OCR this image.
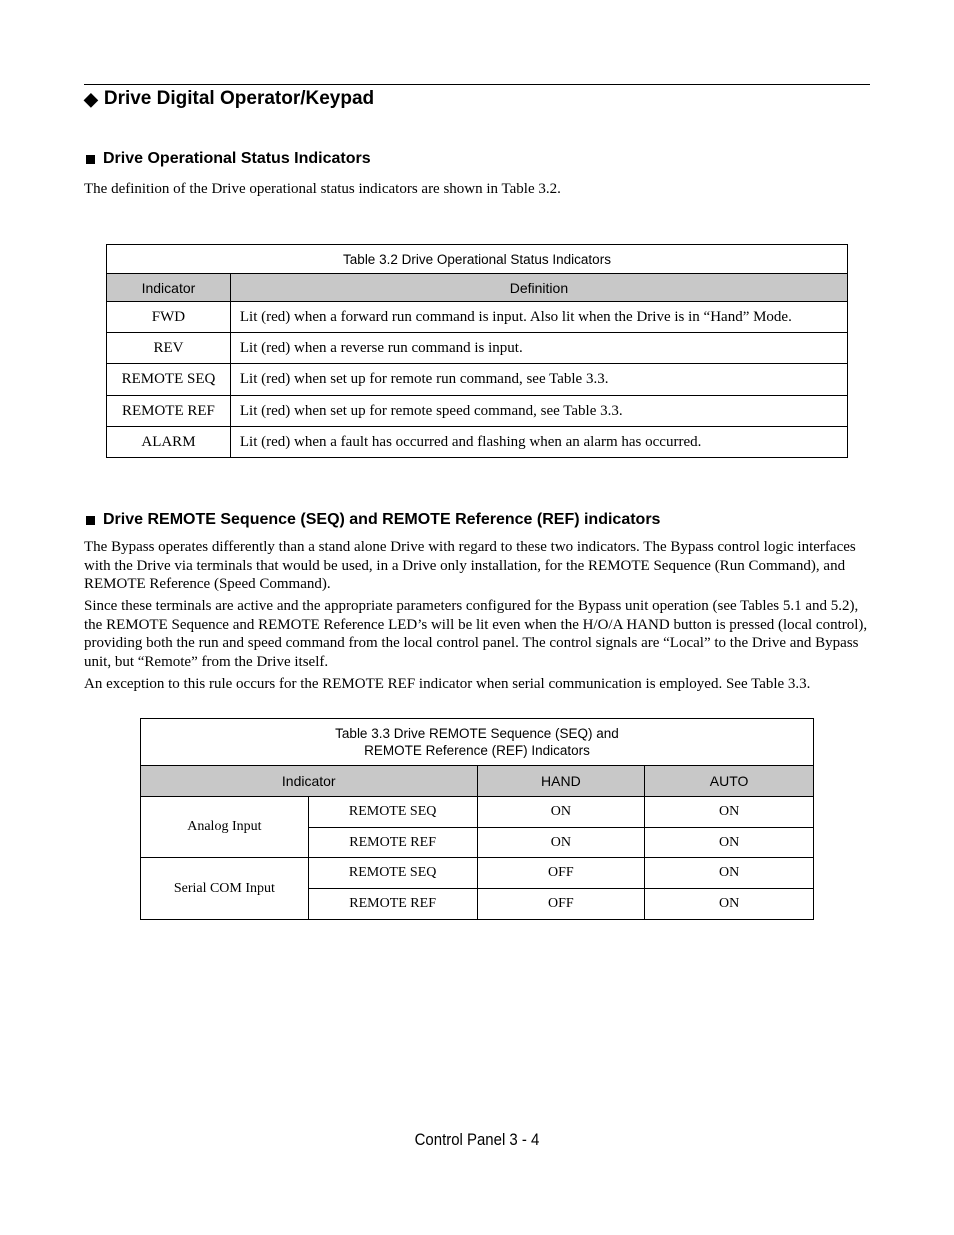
◆ Drive Digital Operator/Keypad
Drive Operational Status Indicators
The definition of the Drive operational status indicators are shown in Table 3.2.
Table 3.2 Drive Operational Status Indicators	
Indicator	Definition
FWD	Lit (red) when a forward run command is input. Also lit when the Drive is in “Hand” Mode.
REV	Lit (red) when a reverse run command is input.
REMOTE SEQ	Lit (red) when set up for remote run command, see Table 3.3.
REMOTE REF	Lit (red) when set up for remote speed command, see Table 3.3.
ALARM	Lit (red) when a fault has occurred and flashing when an alarm has occurred.
Drive REMOTE Sequence (SEQ) and REMOTE Reference (REF) indicators
The Bypass operates differently than a stand alone Drive with regard to these two indicators. The Bypass control logic interfaces with the Drive via terminals that would be used, in a Drive only installation, for the REMOTE Sequence (Run Command), and REMOTE Reference (Speed Command).
Since these terminals are active and the appropriate parameters configured for the Bypass unit operation (see Tables 5.1 and 5.2), the REMOTE Sequence and REMOTE Reference LED’s will be lit even when the H/O/A HAND button is pressed (local control), providing both the run and speed command from the local control panel. The control signals are “Local” to the Drive and Bypass unit, but “Remote” from the Drive itself.
An exception to this rule occurs for the REMOTE REF indicator when serial communication is employed. See Table 3.3.
Table 3.3 Drive REMOTE Sequence (SEQ) and
REMOTE Reference (REF) Indicators			
Indicator		HAND	AUTO
Analog Input	REMOTE SEQ	ON	ON
	REMOTE REF	ON	ON
Serial COM Input	REMOTE SEQ	OFF	ON
	REMOTE REF	OFF	ON
Control Panel 3 - 4
